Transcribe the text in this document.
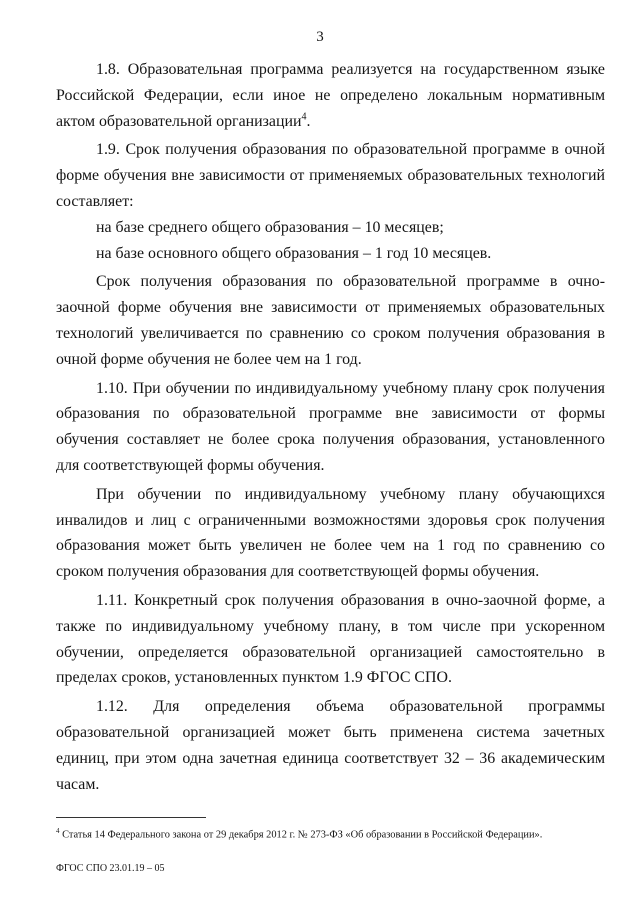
3

1.8. Образовательная программа реализуется на государственном языке Российской Федерации, если иное не определено локальным нормативным актом образовательной организации$^4$.

1.9. Срок получения образования по образовательной программе в очной форме обучения вне зависимости от применяемых образовательных технологий составляет:

на базе среднего общего образования – 10 месяцев;

на базе основного общего образования – 1 год 10 месяцев.

Срок получения образования по образовательной программе в очно-заочной форме обучения вне зависимости от применяемых образовательных технологий увеличивается по сравнению со сроком получения образования в очной форме обучения не более чем на 1 год.

1.10. При обучении по индивидуальному учебному плану срок получения образования по образовательной программе вне зависимости от формы обучения составляет не более срока получения образования, установленного

для соответствующей формы обучения.

При обучении по индивидуальному учебному плану обучающихся инвалидов и лиц с ограниченными возможностями здоровья срок получения образования может быть увеличен не более чем на 1 год по сравнению со сроком получения образования для соответствующей формы обучения.

1.11. Конкретный срок получения образования в очно-заочной форме, а также по индивидуальному учебному плану, в том числе при ускоренном обучении, определяется образовательной организацией самостоятельно в пределах сроков, установленных пунктом 1.9 ФГОС СПО.

1.12. Для определения объема образовательной программы образовательной организацией может быть применена система зачетных единиц, при этом одна зачетная единица соответствует 32 – 36 академическим часам.

$^4$ Статья 14 Федерального закона от 29 декабря 2012 г. № 273-ФЗ «Об образовании в Российской Федерации».
ФГОС СПО 23.01.19 – 05
